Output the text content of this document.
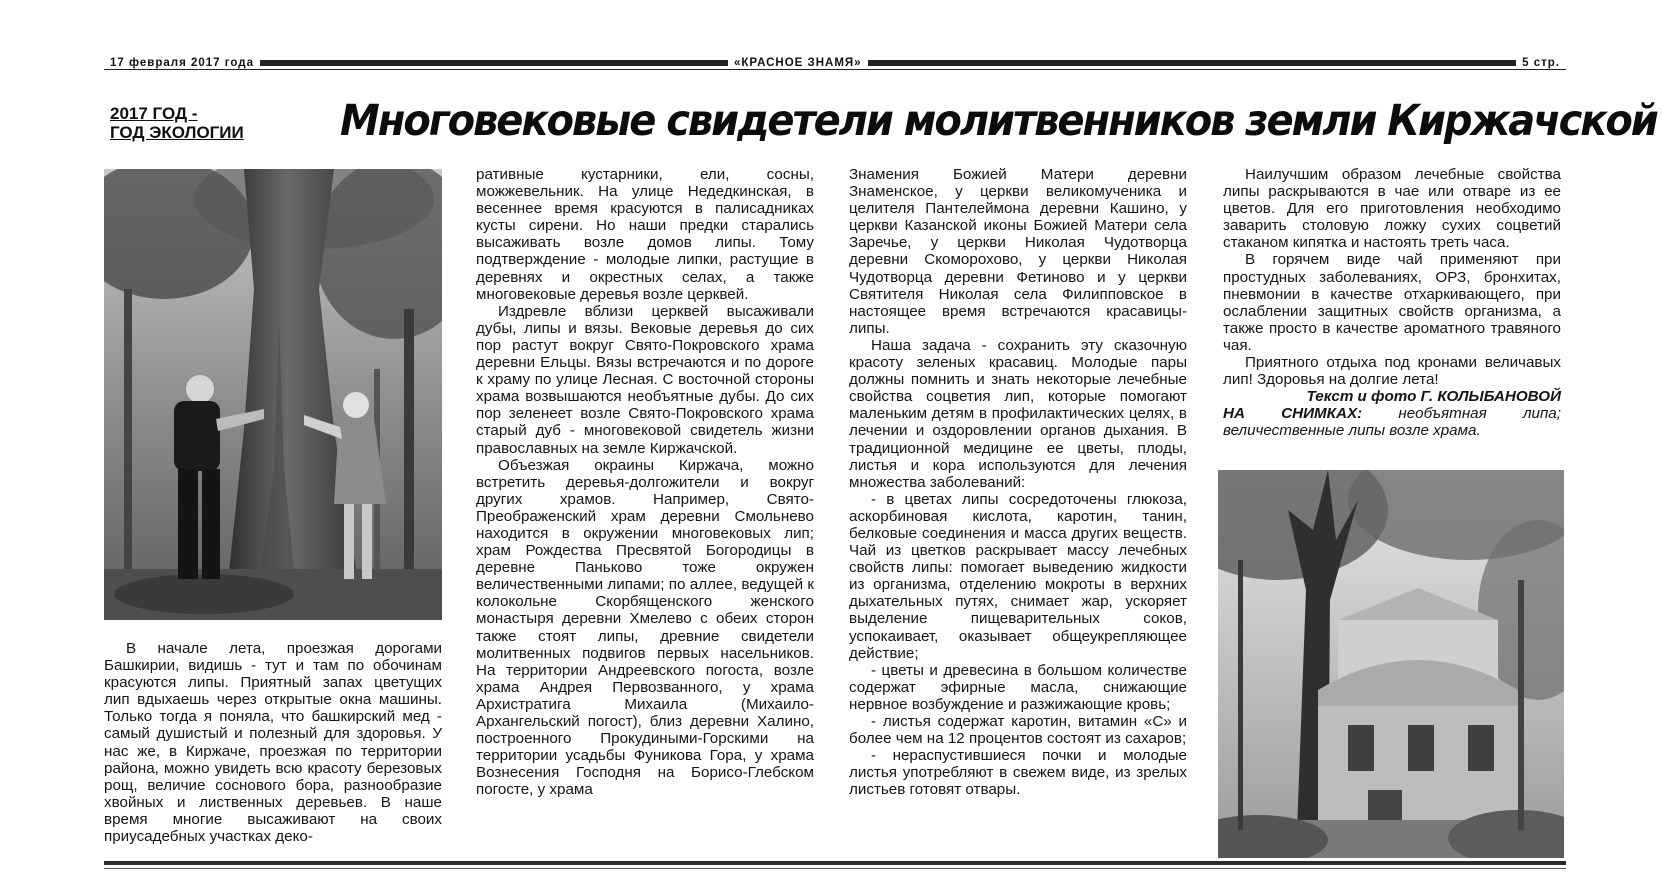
17 февраля 2017 года	«КРАСНОЕ ЗНАМЯ»	5 стр.
2017 ГОД -
ГОД ЭКОЛОГИИ Многовековые свидетели молитвенников земли Киржачской

В начале лета, проезжая дорогами Башкирии, видишь - тут и там по обочинам красуются липы. Приятный запах цветущих лип вдыхаешь через открытые окна машины. Только тогда я поняла, что башкирский мед - самый душистый и полезный для здоровья. У нас же, в Киржаче, проезжая по территории района, можно увидеть всю красоту березовых рощ, величие соснового бора, разнообразие хвойных и лиственных деревьев. В наше время многие высаживают на своих приусадебных участках деко-

ративные кустарники, ели, сосны, можжевельник. На улице Недедкинская, в весеннее время красуются в палисадниках кусты сирени. Но наши предки старались высаживать возле домов липы. Тому подтверждение - молодые липки, растущие в деревнях и окрестных селах, а также многовековые деревья возле церквей.

Издревле вблизи церквей высаживали дубы, липы и вязы. Вековые деревья до сих пор растут вокруг Свято-Покровского храма деревни Ельцы. Вязы встречаются и по дороге к храму по улице Лесная. С восточной стороны храма возвышаются необъятные дубы. До сих пор зеленеет возле Свято-Покровского храма старый дуб - многовековой свидетель жизни православных на земле Киржачской.

Объезжая окраины Киржача, можно встретить деревья-долгожители и вокруг других храмов. Например, Свято-Преображенский храм деревни Смольнево находится в окружении многовековых лип; храм Рождества Пресвятой Богородицы в деревне Паньково тоже окружен величественными липами; по аллее, ведущей к колокольне Скорбященского женского монастыря деревни Хмелево с обеих сторон также стоят липы, древние свидетели молитвенных подвигов первых насельников. На территории Андреевского погоста, возле храма Андрея Первозванного, у храма Архистратига Михаила (Михаило-Архангельский погост), близ деревни Халино, построенного Прокудиными-Горскими на территории усадьбы Фуникова Гора, у храма Вознесения Господня на Борисо-Глебском погосте, у храма

Знамения Божией Матери деревни Знаменское, у церкви великомученика и целителя Пантелеймона деревни Кашино, у церкви Казанской иконы Божией Матери села Заречье, у церкви Николая Чудотворца деревни Скоморохово, у церкви Николая Чудотворца деревни Фетиново и у церкви Святителя Николая села Филипповское в настоящее время встречаются красавицы-липы.

Наша задача - сохранить эту сказочную красоту зеленых красавиц. Молодые пары должны помнить и знать некоторые лечебные свойства соцветия лип, которые помогают маленьким детям в профилактических целях, в лечении и оздоровлении органов дыхания. В традиционной медицине ее цветы, плоды, листья и кора используются для лечения множества заболеваний:

- в цветах липы сосредоточены глюкоза, аскорбиновая кислота, каротин, танин, белковые соединения и масса других веществ. Чай из цветков раскрывает массу лечебных свойств липы: помогает выведению жидкости из организма, отделению мокроты в верхних дыхательных путях, снимает жар, ускоряет выделение пищеварительных соков, успокаивает, оказывает общеукрепляющее действие;

- цветы и древесина в большом количестве содержат эфирные масла, снижающие нервное возбуждение и разжижающие кровь;

- листья содержат каротин, витамин «С» и более чем на 12 процентов состоят из сахаров;

- нераспустившиеся почки и молодые листья употребляют в свежем виде, из зрелых листьев готовят отвары.

Наилучшим образом лечебные свойства липы раскрываются в чае или отваре из ее цветов. Для его приготовления необходимо заварить столовую ложку сухих соцветий стаканом кипятка и настоять треть часа.

В горячем виде чай применяют при простудных заболеваниях, ОРЗ, бронхитах, пневмонии в качестве отхаркивающего, при ослаблении защитных свойств организма, а также просто в качестве ароматного травяного чая.

Приятного отдыха под кронами величавых лип! Здоровья на долгие лета!

Текст и фото Г. КОЛЫБАНОВОЙ

НА СНИМКАХ: необъятная липа; величественные липы возле храма.
